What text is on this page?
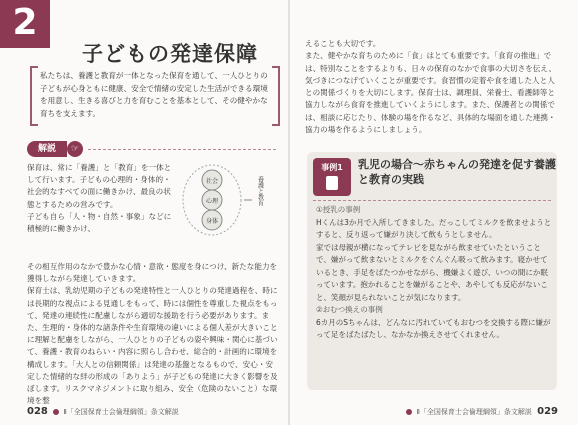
2
子どもの発達保障
私たちは、養護と教育が一体となった保育を通して、一人ひとりの子どもが心身ともに健康、安全で情緒の安定した生活ができる環境を用意し、生きる喜びと力を育むことを基本として、その健やかな育ちを支えます。
解説	☞
保育は、常に「養護」と「教育」を一体として行います。子どもの心理的・身体的・社会的なすべての面に働きかけ、最良の状態とするための営みです。
子ども自ら「人・物・自然・事象」などに積極的に働きかけ、
社会
心理
身体
養護と教育
その相互作用のなかで豊かな心情・意欲・態度を身につけ、新たな能力を獲得しながら発達していきます。
保育士は、乳幼児期の子どもの発達特性と一人ひとりの発達過程を、時には長期的な視点による見通しをもって、時には個性を尊重した視点をもって、発達の連続性に配慮しながら適切な援助を行う必要があります。また、生理的・身体的な諸条件や生育環境の違いによる個人差が大きいことに理解と配慮をしながら、一人ひとりの子どもの姿や興味・関心に基づいて、養護・教育のねらい・内容に照らし合わせ、総合的・計画的に環境を構成します。「大人との信頼関係」は発達の基盤となるもので、安心・安定した情緒的な絆の形成の「ありよう」が子どもの発達に大きく影響を及ぼします。リスクマネジメントに取り組み、安全（危険のないこと）な環境を整
028 Ⅱ「全国保育士会倫理綱領」条文解説
えることも大切です。
また、健やかな育ちのために「食」はとても重要です。「食育の推進」では、特別なことをするよりも、日々の保育のなかで食事の大切さを伝え、気づきにつなげていくことが重要です。食習慣の定着や食を通した人と人との関係づくりを大切にします。保育士は、調理員、栄養士、看護師等と協力しながら食育を推進していくようにします。また、保護者との関係では、相談に応じたり、体験の場を作るなど、具体的な場面を通した連携・協力の場を作るようにしましょう。
事例1	乳児の場合～赤ちゃんの発達を促す養護と教育の実践
①授乳の事例
Hくんは3か月で入所してきました。だっこしてミルクを飲ませようとすると、反り返って嫌がり決して飲もうとしません。
家では母親が横になってテレビを見ながら飲ませていたということで、嫌がって飲まないとミルクをぐんぐん吸って飲みます。寝かせているとき、手足をばたつかせながら、機嫌よく遊び、いつの間にか眠っています。抱かれることを嫌がることや、あやしても反応がないこと、笑顔が見られないことが気になります。
②おむつ換えの事例
6カ月のSちゃんは、どんなに汚れていてもおむつを交換する際に嫌がって足をばたばたし、なかなか換えさせてくれません。
Ⅱ「全国保育士会倫理綱領」条文解説 029
